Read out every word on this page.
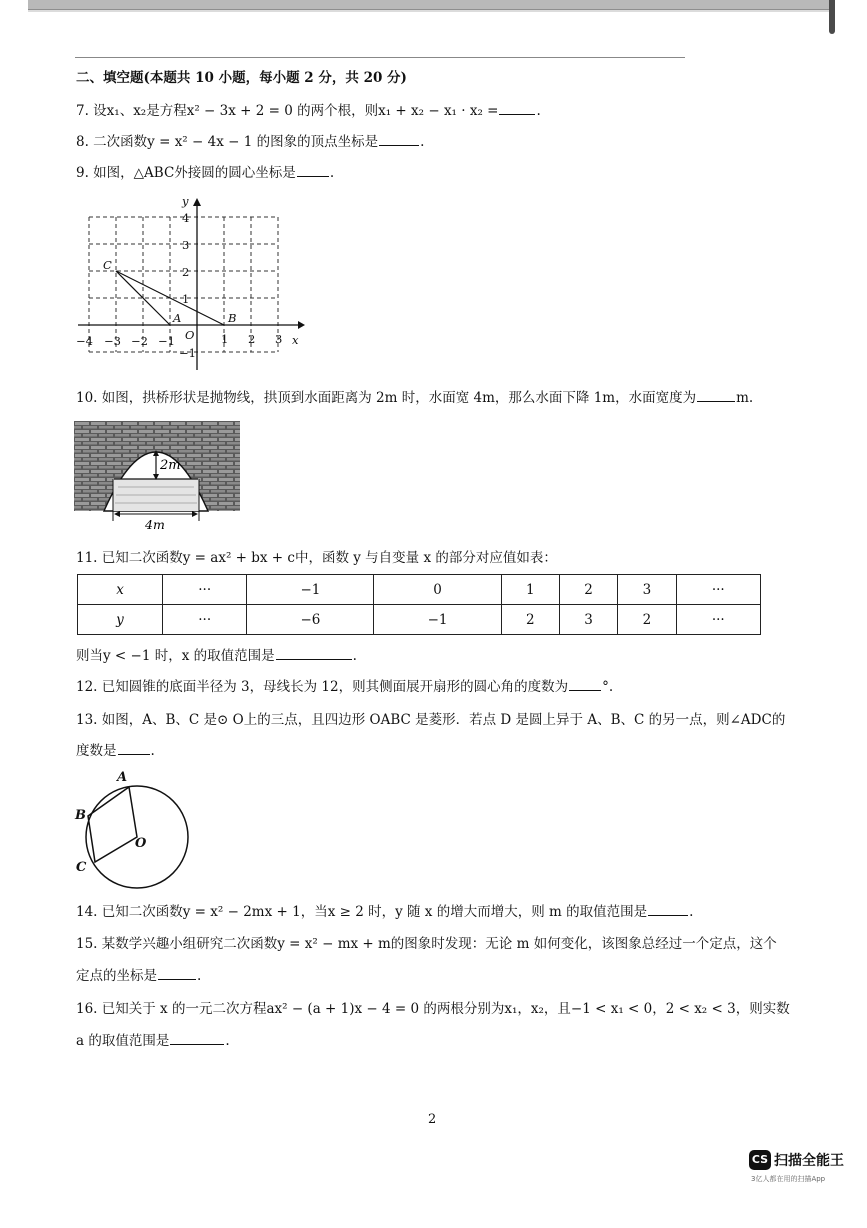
二、填空题(本题共 10 小题，每小题 2 分，共 20 分)
7. 设x₁、x₂是方程x² − 3x + 2 = 0 的两个根，则x₁ + x₂ − x₁ · x₂ =	.
8. 二次函数y = x² − 4x − 1 的图象的顶点坐标是	.
9. 如图，△ABC外接圆的圆心坐标是	.
−4 −3 −2 −1	1 2 3
4
3
2
1
−1
x
y
O
C
A	B
10. 如图，拱桥形状是抛物线，拱顶到水面距离为 2m 时，水面宽 4m，那么水面下降 1m，水面宽度为	m.
2m
4m
11. 已知二次函数y = ax² + bx + c中，函数 y 与自变量 x 的部分对应值如表：
x	···	−1	0	1	2	3	···
y	···	−6	−1	2	3	2	···
则当y < −1 时，x 的取值范围是	.
12. 已知圆锥的底面半径为 3，母线长为 12，则其侧面展开扇形的圆心角的度数为	°.
13. 如图，A、B、C 是⊙ O上的三点，且四边形 OABC 是菱形．若点 D 是圆上异于 A、B、C 的另一点，则∠ADC的
度数是	.
A
B
C
O
14. 已知二次函数y = x² − 2mx + 1，当x ≥ 2 时，y 随 x 的增大而增大，则 m 的取值范围是	.
15. 某数学兴趣小组研究二次函数y = x² − mx + m的图象时发现：无论 m 如何变化，该图象总经过一个定点，这个
定点的坐标是	.
16. 已知关于 x 的一元二次方程ax² − (a + 1)x − 4 = 0 的两根分别为x₁，x₂，且−1 < x₁ < 0，2 < x₂ < 3，则实数
a 的取值范围是	.
2
CS 扫描全能王
3亿人都在用的扫描App
